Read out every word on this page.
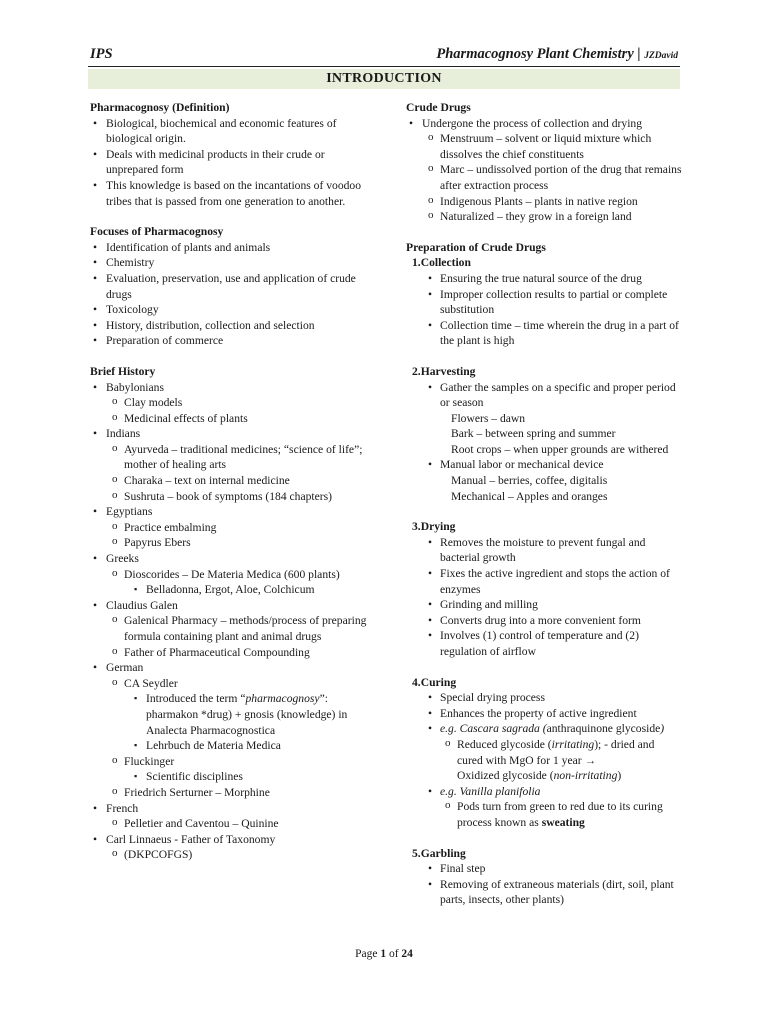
IPS	Pharmacognosy Plant Chemistry | JZDavid
INTRODUCTION
Pharmacognosy (Definition)
• Biological, biochemical and economic features of biological origin.
• Deals with medicinal products in their crude or unprepared form
• This knowledge is based on the incantations of voodoo tribes that is passed from one generation to another.
Focuses of Pharmacognosy
• Identification of plants and animals
• Chemistry
• Evaluation, preservation, use and application of crude drugs
• Toxicology
• History, distribution, collection and selection
• Preparation of commerce
Brief History
• Babylonians
o Clay models
o Medicinal effects of plants
• Indians
o Ayurveda – traditional medicines; “science of life”; mother of healing arts
o Charaka – text on internal medicine
o Sushruta – book of symptoms (184 chapters)
• Egyptians
o Practice embalming
o Papyrus Ebers
• Greeks
o Dioscorides – De Materia Medica (600 plants)
▪ Belladonna, Ergot, Aloe, Colchicum
• Claudius Galen
o Galenical Pharmacy – methods/process of preparing formula containing plant and animal drugs
o Father of Pharmaceutical Compounding
• German
o CA Seydler
▪ Introduced the term “pharmacognosy”: pharmakon *drug) + gnosis (knowledge) in Analecta Pharmacognostica
▪ Lehrbuch de Materia Medica
o Fluckinger
▪ Scientific disciplines
o Friedrich Serturner – Morphine
• French
o Pelletier and Caventou – Quinine
• Carl Linnaeus - Father of Taxonomy
o (DKPCOFGS)
Crude Drugs
• Undergone the process of collection and drying
o Menstruum – solvent or liquid mixture which dissolves the chief constituents
o Marc – undissolved portion of the drug that remains after extraction process
o Indigenous Plants – plants in native region
o Naturalized – they grow in a foreign land
Preparation of Crude Drugs
1.Collection
• Ensuring the true natural source of the drug
• Improper collection results to partial or complete substitution
• Collection time – time wherein the drug in a part of the plant is high
2.Harvesting
• Gather the samples on a specific and proper period or season
Flowers – dawn
Bark – between spring and summer
Root crops – when upper grounds are withered
• Manual labor or mechanical device
Manual – berries, coffee, digitalis
Mechanical – Apples and oranges
3.Drying
• Removes the moisture to prevent fungal and bacterial growth
• Fixes the active ingredient and stops the action of enzymes
• Grinding and milling
• Converts drug into a more convenient form
• Involves (1) control of temperature and (2) regulation of airflow
4.Curing
• Special drying process
• Enhances the property of active ingredient
• e.g. Cascara sagrada (anthraquinone glycoside)
o Reduced glycoside (irritating); - dried and cured with MgO for 1 year →
Oxidized glycoside (non-irritating)
• e.g. Vanilla planifolia
o Pods turn from green to red due to its curing process known as sweating
5.Garbling
• Final step
• Removing of extraneous materials (dirt, soil, plant parts, insects, other plants)
Page 1 of 24
